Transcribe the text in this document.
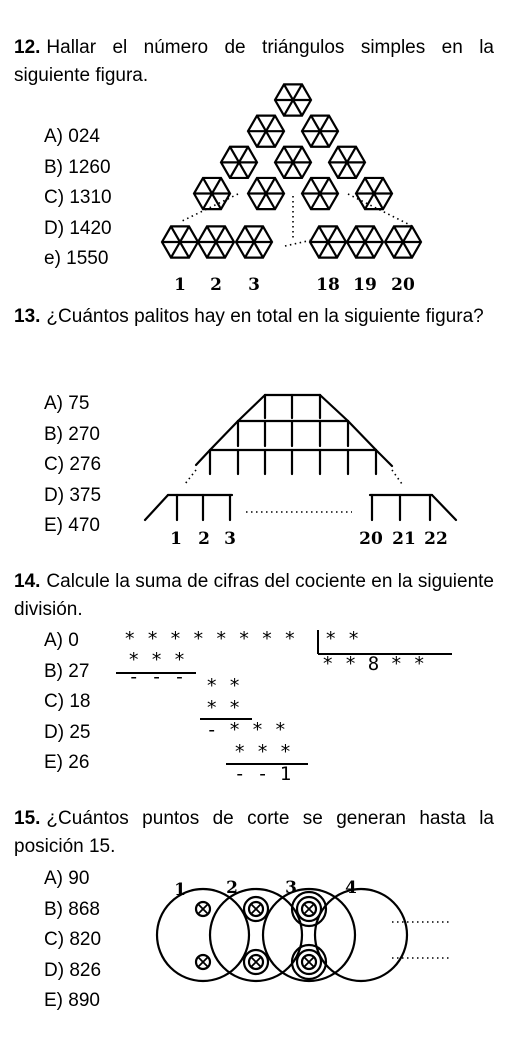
12. Hallar el número de triángulos simples en la siguiente figura.
A) 024
B) 1260
C) 1310
D) 1420
e) 1550
1 2 3	18 19 20
13. ¿Cuántos palitos hay en total en la siguiente figura?
A) 75
B) 270
C) 276
D) 375
E) 470
1 2 3	20 21 22
14. Calcule la suma de cifras del cociente en la siguiente división.
A) 0
B) 27
C) 18
D) 25
E) 26
* * * * * * * * * *
* * 8 * *
* * *
- - - * *
* *
- * * *
* * *
- - 1
15. ¿Cuántos puntos de corte se generan hasta la posición 15.
A) 90
B) 868
C) 820
D) 826
E) 890
1 2	3	4
